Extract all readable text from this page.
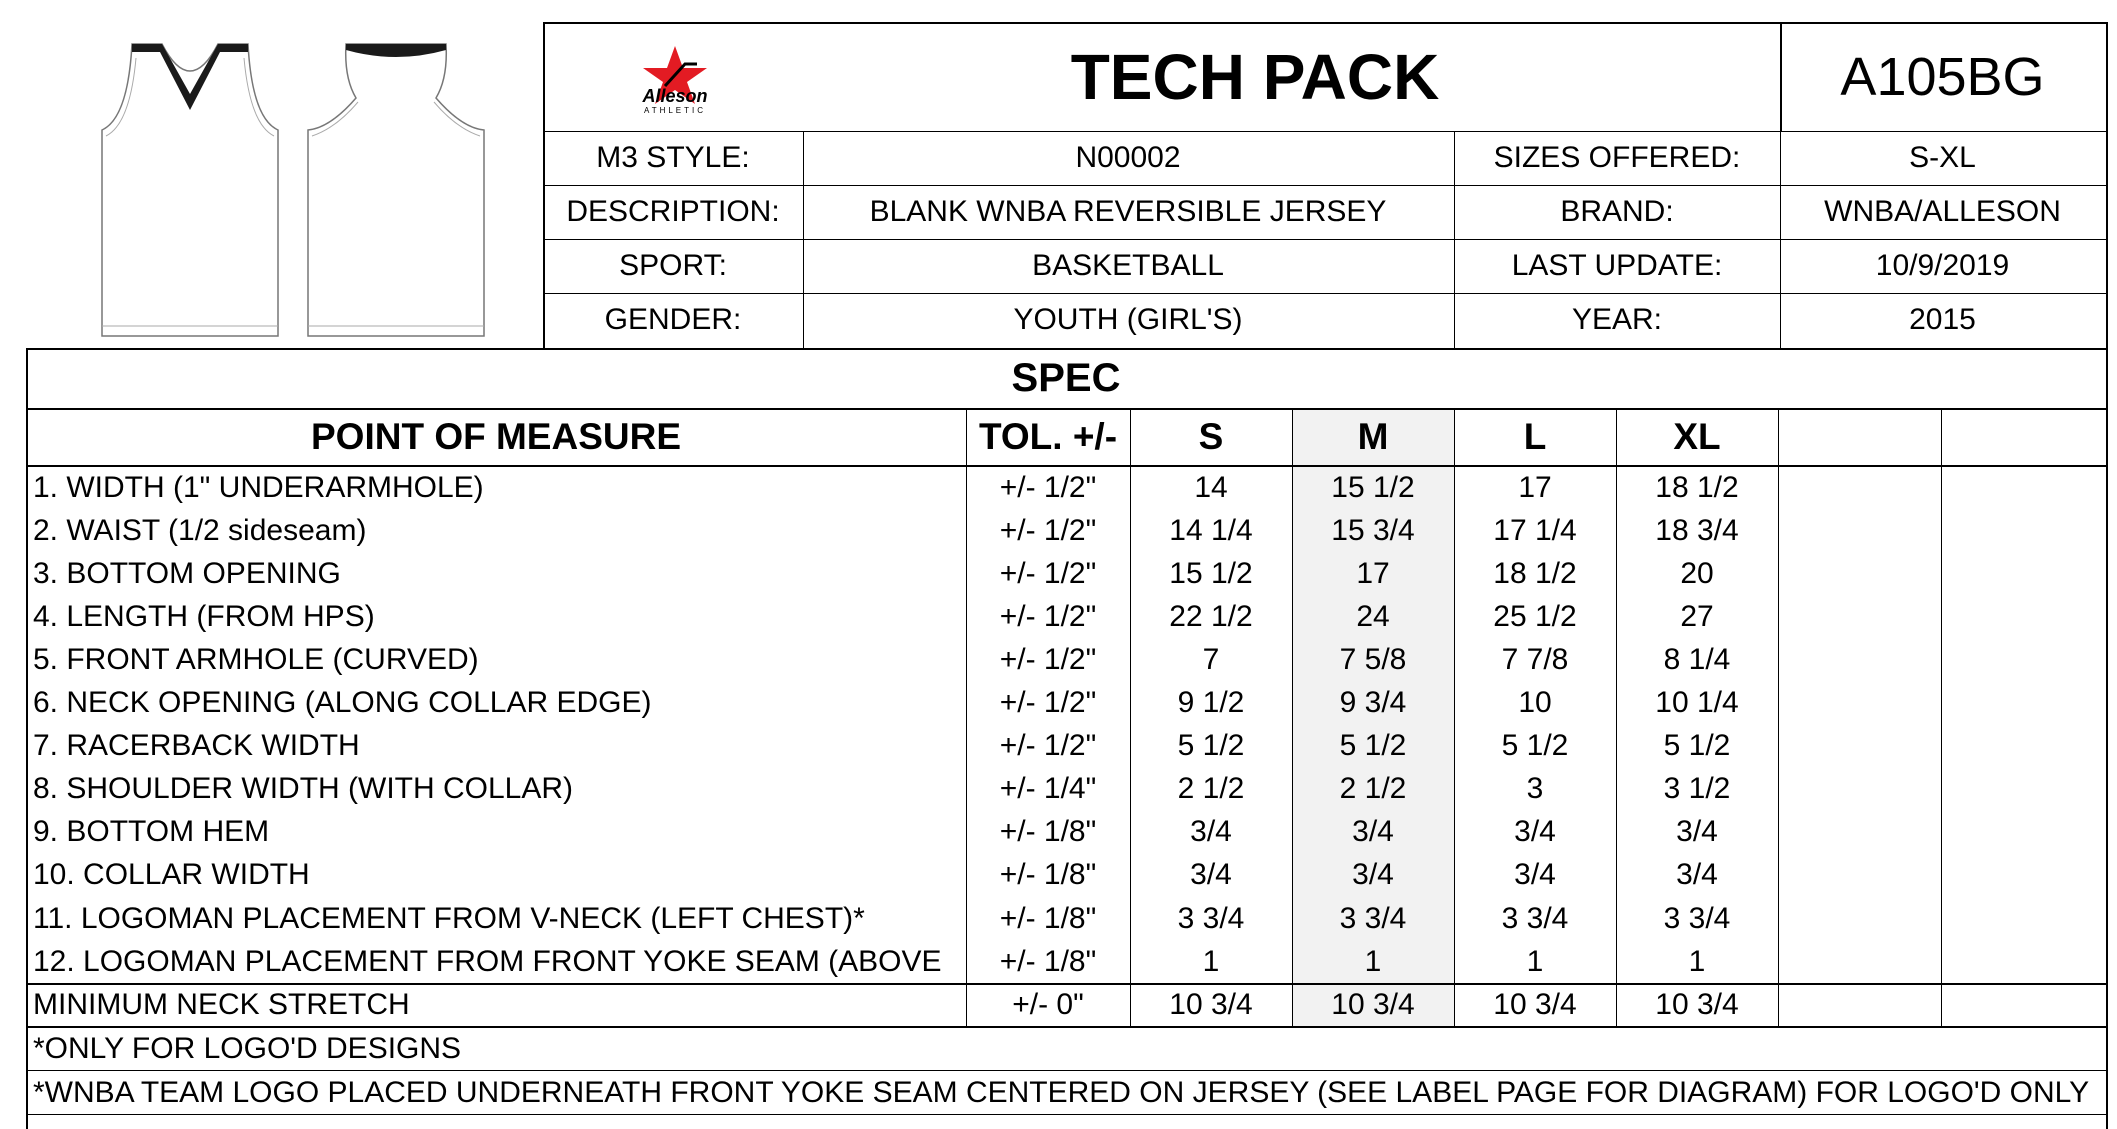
Alleson
ATHLETIC	TECH PACK	A105BG
M3 STYLE:	N00002	SIZES OFFERED:	S-XL
DESCRIPTION:	BLANK WNBA REVERSIBLE JERSEY	BRAND:	WNBA/ALLESON
SPORT:	BASKETBALL	LAST UPDATE:	10/9/2019
GENDER:	YOUTH (GIRL'S)	YEAR:	2015
SPEC
POINT OF MEASURE	TOL. +/-	S	M	L	XL
1. WIDTH (1" UNDERARMHOLE)	+/- 1/2"	14	15 1/2	17	18 1/2
2. WAIST (1/2 sideseam)	+/- 1/2"	14 1/4	15 3/4	17 1/4	18 3/4
3. BOTTOM OPENING	+/- 1/2"	15 1/2	17	18 1/2	20
4. LENGTH (FROM HPS)	+/- 1/2"	22 1/2	24	25 1/2	27
5. FRONT ARMHOLE (CURVED)	+/- 1/2"	7	7 5/8	7 7/8	8 1/4
6. NECK OPENING (ALONG COLLAR EDGE)	+/- 1/2"	9 1/2	9 3/4	10	10 1/4
7. RACERBACK WIDTH	+/- 1/2"	5 1/2	5 1/2	5 1/2	5 1/2
8. SHOULDER WIDTH (WITH COLLAR)	+/- 1/4"	2 1/2	2 1/2	3	3 1/2
9. BOTTOM HEM	+/- 1/8"	3/4	3/4	3/4	3/4
10. COLLAR WIDTH	+/- 1/8"	3/4	3/4	3/4	3/4
11. LOGOMAN PLACEMENT FROM V-NECK (LEFT CHEST)*	+/- 1/8"	3 3/4	3 3/4	3 3/4	3 3/4
12. LOGOMAN PLACEMENT FROM FRONT YOKE SEAM (ABOVE	+/- 1/8"	1	1	1	1
MINIMUM NECK STRETCH	+/- 0"	10 3/4	10 3/4	10 3/4	10 3/4
*ONLY FOR LOGO'D DESIGNS
*WNBA TEAM LOGO PLACED UNDERNEATH FRONT YOKE SEAM CENTERED ON JERSEY (SEE LABEL PAGE FOR DIAGRAM) FOR LOGO'D ONLY
